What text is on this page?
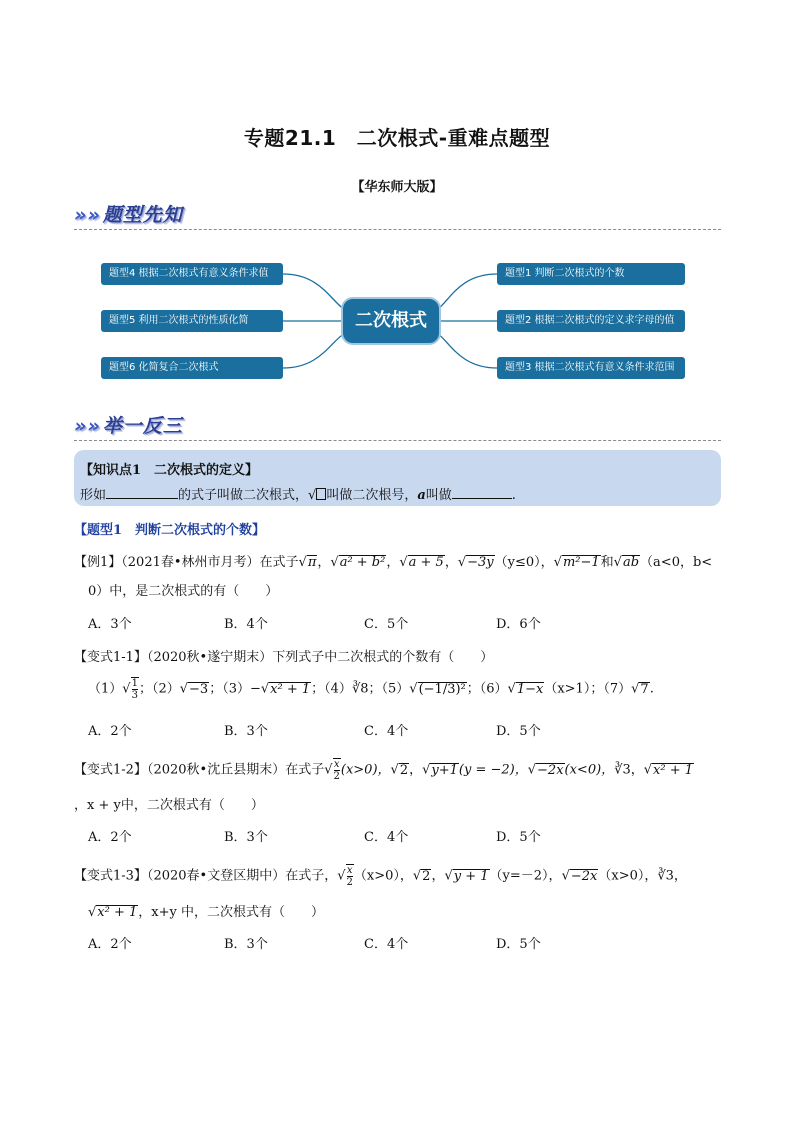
专题21.1　二次根式-重难点题型
【华东师大版】
»» 题型先知
题型4 根据二次根式有意义条件求值
题型5 利用二次根式的性质化简
题型6 化简复合二次根式
题型1 判断二次根式的个数
题型2 根据二次根式的定义求字母的值
题型3 根据二次根式有意义条件求范围
二次根式
»» 举一反三
【知识点1　二次根式的定义】
形如	的式子叫做二次根式，√ 叫做二次根号，a叫做	.
【题型1　判断二次根式的个数】
【例1】（2021春•林州市月考）在式子√π，√a² + b²，√a + 5，√−3y（y≤0），√m²−1和√ab（a<0，b<
0）中，是二次根式的有（　　）
A．3个	B．4个	C．5个	D．6个
【变式1-1】（2020秋•遂宁期末）下列式子中二次根式的个数有（　　）
$(1)√ \frac{1}{3}$ ；（2）√−3；（3）−√x² + 1；（4）∛8；（5）√(−1/3)²；（6）√1−x（x>1）；（7）√7.
A．2个	B．3个	C．4个	D．5个
【变式1-2】（2020秋•沈丘县期末）在式子√ $\frac{x}{2} (x>0)$，√2，√y+1(y = −2)，√−2x(x<0)，∛3，√x² + 1
，x + y中，二次根式有（　　）
A．2个	B．3个	C．4个	D．5个
【变式1-3】（2020春•文登区期中）在式子，√ $\frac{x}{2} (x>0)$，√2，√y + 1（y=－2），√−2x（x>0），∛3，
√x² + 1，x+y 中，二次根式有（　　）
A．2个	B．3个	C．4个	D．5个
